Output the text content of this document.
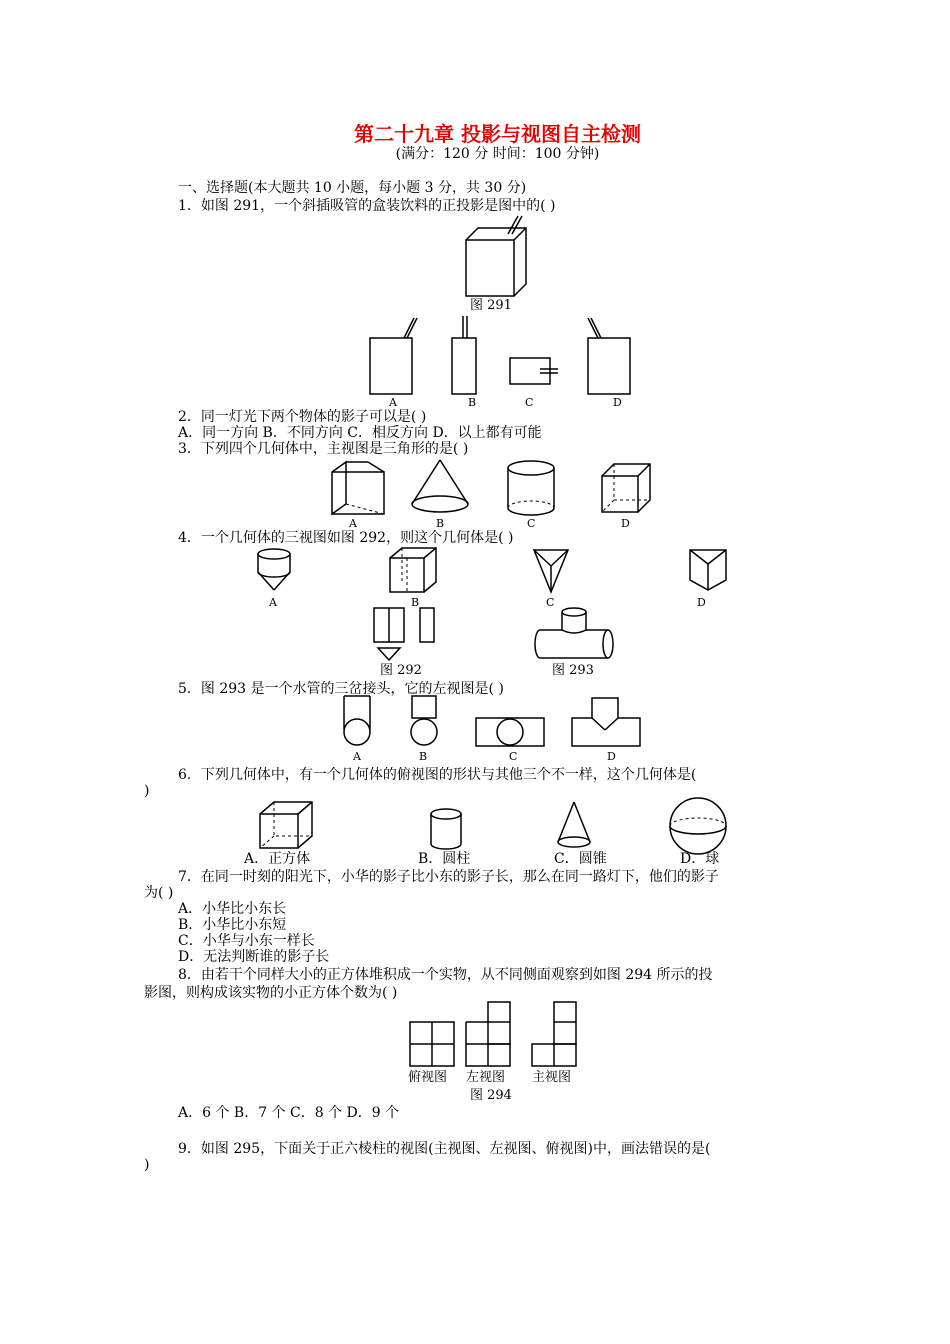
第二十九章 投影与视图自主检测
(满分：120 分 时间：100 分钟)
一、选择题(本大题共 10 小题，每小题 3 分，共 30 分)
1．如图 291，一个斜插吸管的盒装饮料的正投影是图中的( )
图 291
A	B	C	D
2．同一灯光下两个物体的影子可以是( )
A．同一方向 B．不同方向 C．相反方向 D．以上都有可能
3．下列四个几何体中，主视图是三角形的是( )
A	B	C	D
4．一个几何体的三视图如图 292，则这个几何体是( )
A	B	C	D
图 292	图 293
5．图 293 是一个水管的三岔接头，它的左视图是( )
A	B	C	D
6．下列几何体中，有一个几何体的俯视图的形状与其他三个不一样，这个几何体是(
)
A．正方体	B．圆柱	C．圆锥	D．球
7．在同一时刻的阳光下，小华的影子比小东的影子长，那么在同一路灯下，他们的影子
为( )
A．小华比小东长
B．小华比小东短
C．小华与小东一样长
D．无法判断谁的影子长
8．由若干个同样大小的正方体堆积成一个实物，从不同侧面观察到如图 294 所示的投
影图，则构成该实物的小正方体个数为( )
俯视图 左视图 主视图
图 294
A．6 个 B．7 个 C．8 个 D．9 个
9．如图 295，下面关于正六棱柱的视图(主视图、左视图、俯视图)中，画法错误的是(
)
